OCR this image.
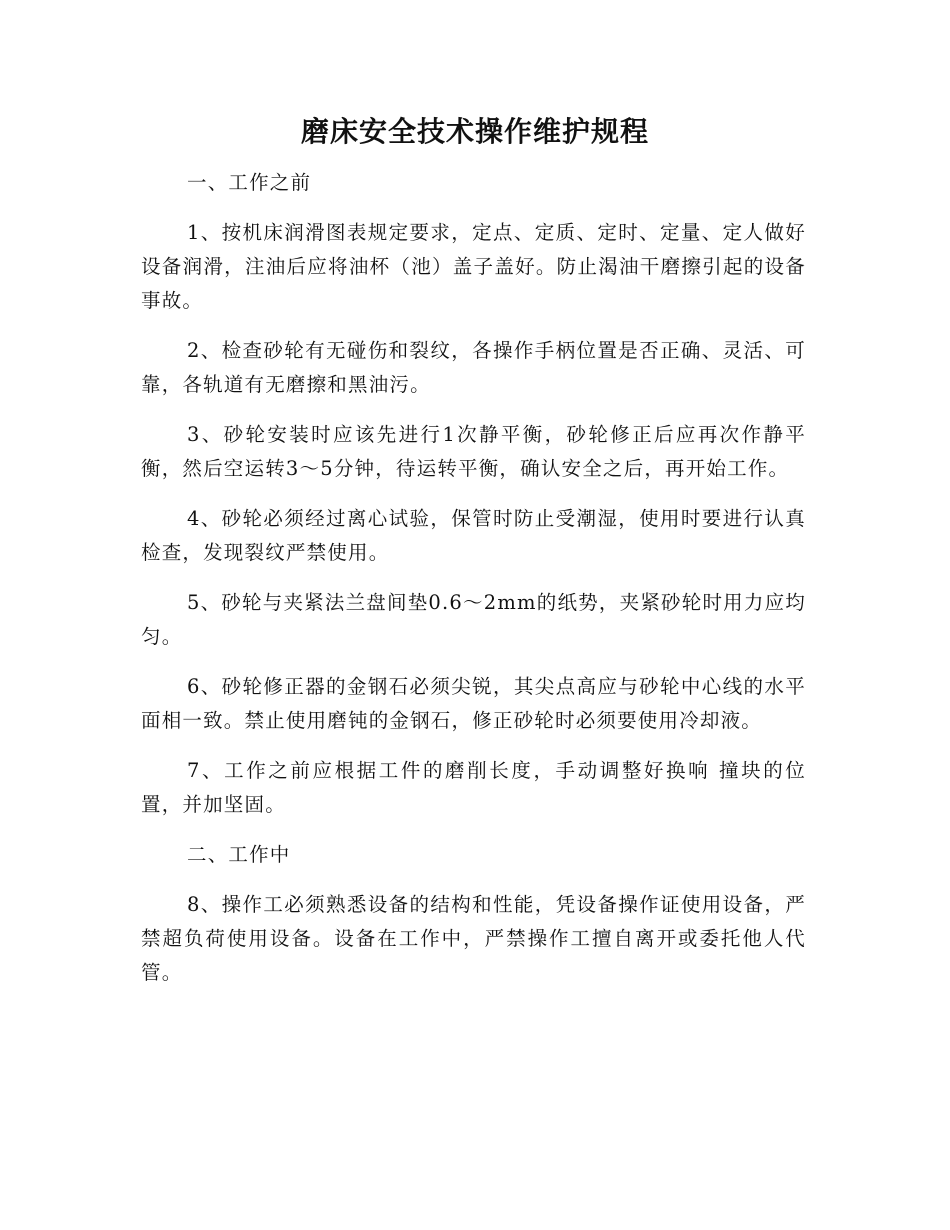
磨床安全技术操作维护规程

一、工作之前

1、按机床润滑图表规定要求，定点、定质、定时、定量、定人做好设备润滑，注油后应将油杯（池）盖子盖好。防止渴油干磨擦引起的设备事故。

2、检查砂轮有无碰伤和裂纹，各操作手柄位置是否正确、灵活、可靠，各轨道有无磨擦和黑油污。

3、砂轮安装时应该先进行1次静平衡，砂轮修正后应再次作静平衡，然后空运转3～5分钟，待运转平衡，确认安全之后，再开始工作。

4、砂轮必须经过离心试验，保管时防止受潮湿，使用时要进行认真检查，发现裂纹严禁使用。

5、砂轮与夹紧法兰盘间垫0.6～2mm的纸势，夹紧砂轮时用力应均匀。

6、砂轮修正器的金钢石必须尖锐，其尖点高应与砂轮中心线的水平面相一致。禁止使用磨钝的金钢石，修正砂轮时必须要使用冷却液。

7、工作之前应根据工件的磨削长度，手动调整好换响 撞块的位置，并加坚固。

二、工作中

8、操作工必须熟悉设备的结构和性能，凭设备操作证使用设备，严禁超负荷使用设备。设备在工作中，严禁操作工擅自离开或委托他人代管。
